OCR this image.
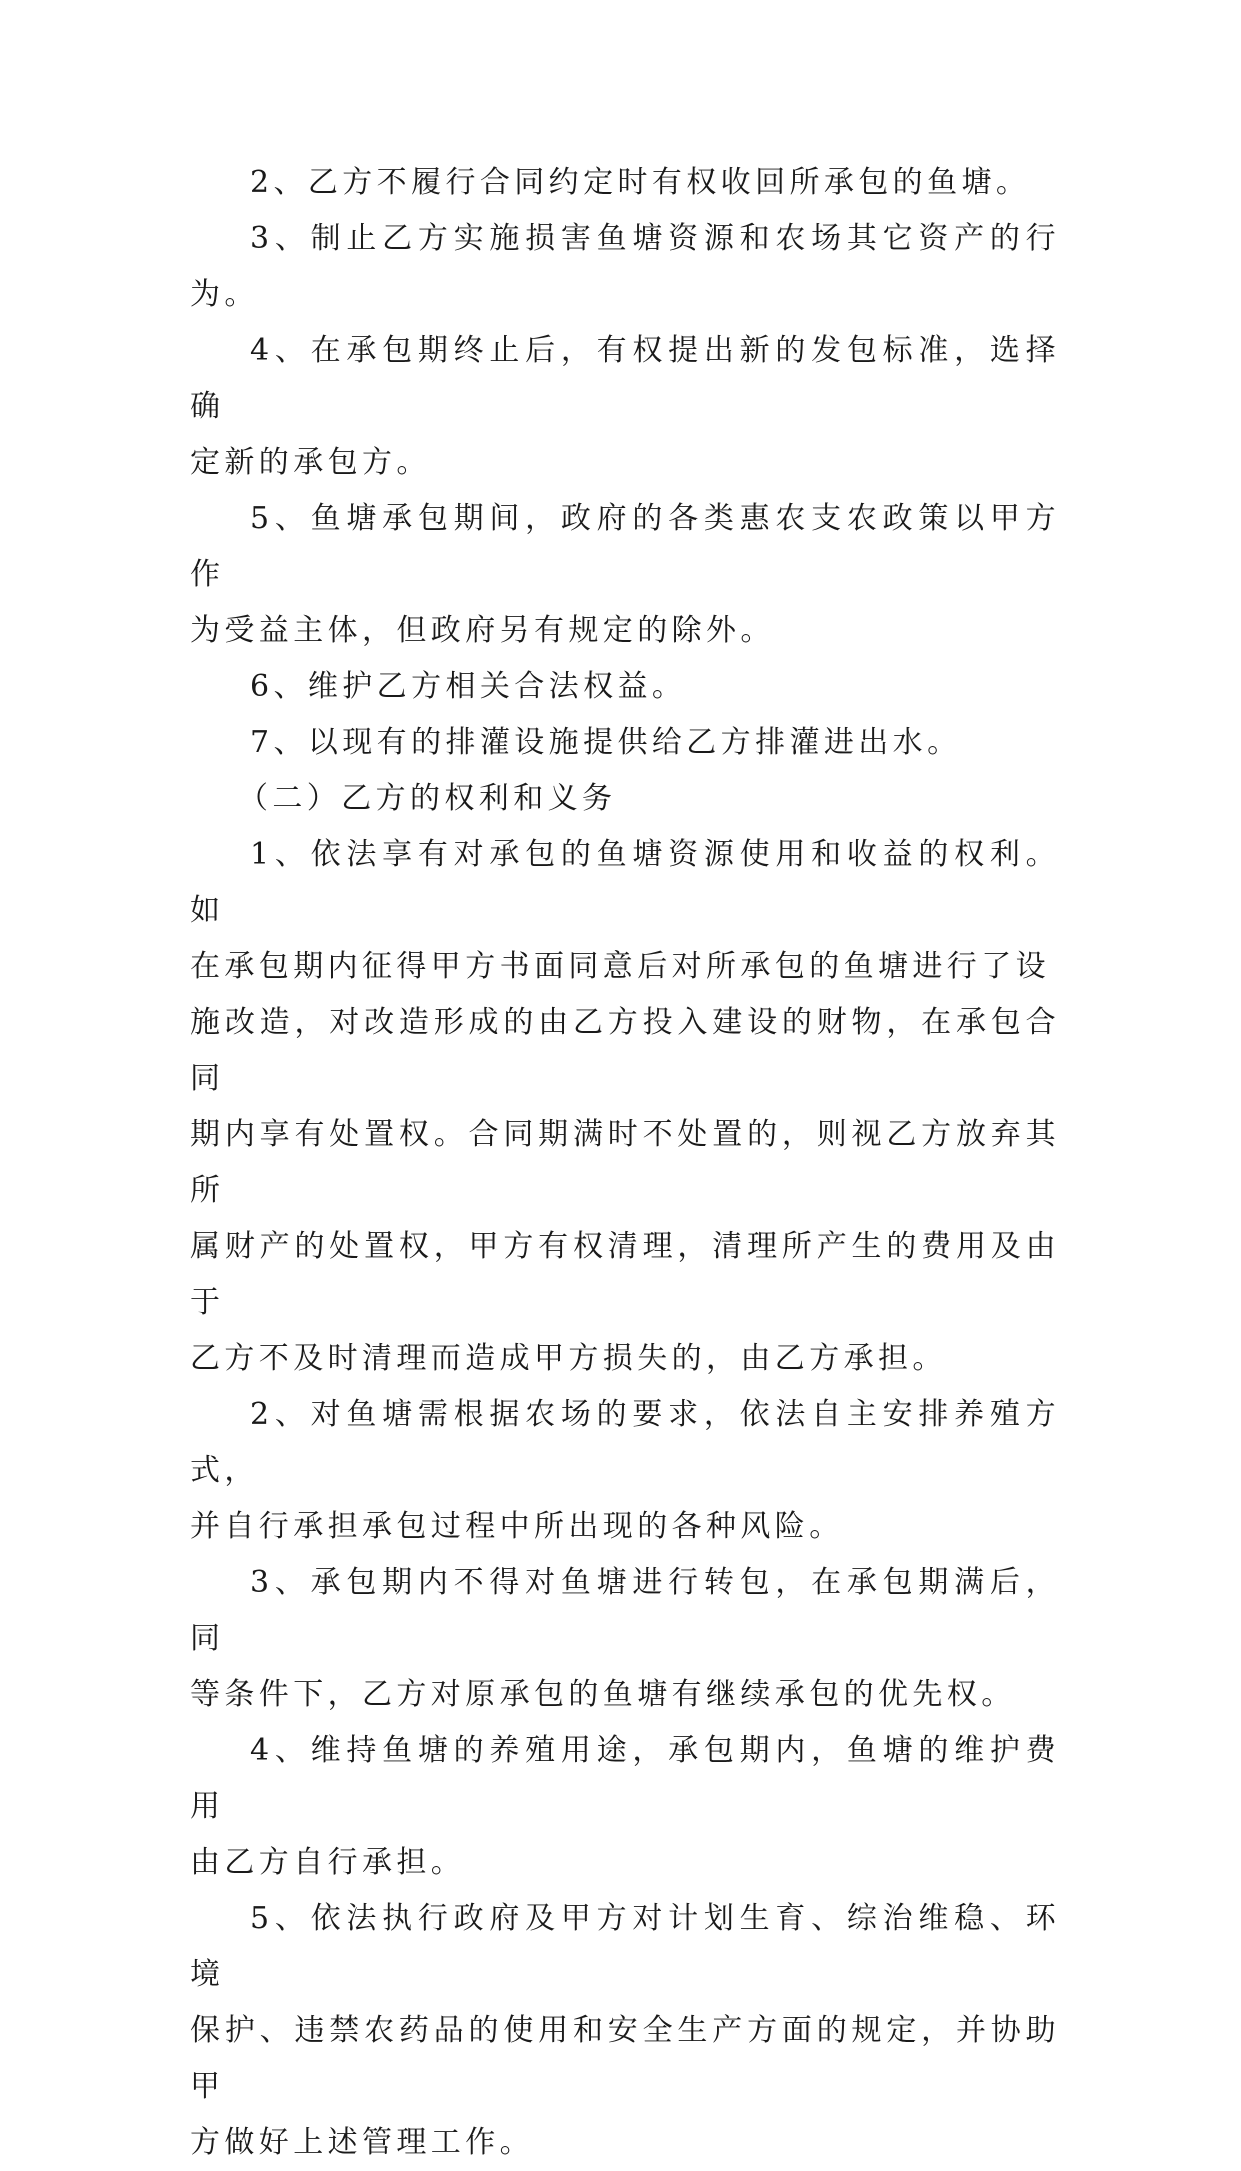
2、乙方不履行合同约定时有权收回所承包的鱼塘。

3、制止乙方实施损害鱼塘资源和农场其它资产的行为。

4、在承包期终止后，有权提出新的发包标准，选择确
定新的承包方。

5、鱼塘承包期间，政府的各类惠农支农政策以甲方作
为受益主体，但政府另有规定的除外。

6、维护乙方相关合法权益。

7、以现有的排灌设施提供给乙方排灌进出水。

（二）乙方的权利和义务

1、依法享有对承包的鱼塘资源使用和收益的权利。如
在承包期内征得甲方书面同意后对所承包的鱼塘进行了设
施改造，对改造形成的由乙方投入建设的财物，在承包合同
期内享有处置权。合同期满时不处置的，则视乙方放弃其所
属财产的处置权，甲方有权清理，清理所产生的费用及由于
乙方不及时清理而造成甲方损失的，由乙方承担。

2、对鱼塘需根据农场的要求，依法自主安排养殖方式，
并自行承担承包过程中所出现的各种风险。

3、承包期内不得对鱼塘进行转包，在承包期满后，同
等条件下，乙方对原承包的鱼塘有继续承包的优先权。

4、维持鱼塘的养殖用途，承包期内，鱼塘的维护费用
由乙方自行承担。

5、依法执行政府及甲方对计划生育、综治维稳、环境
保护、违禁农药品的使用和安全生产方面的规定，并协助甲
方做好上述管理工作。
